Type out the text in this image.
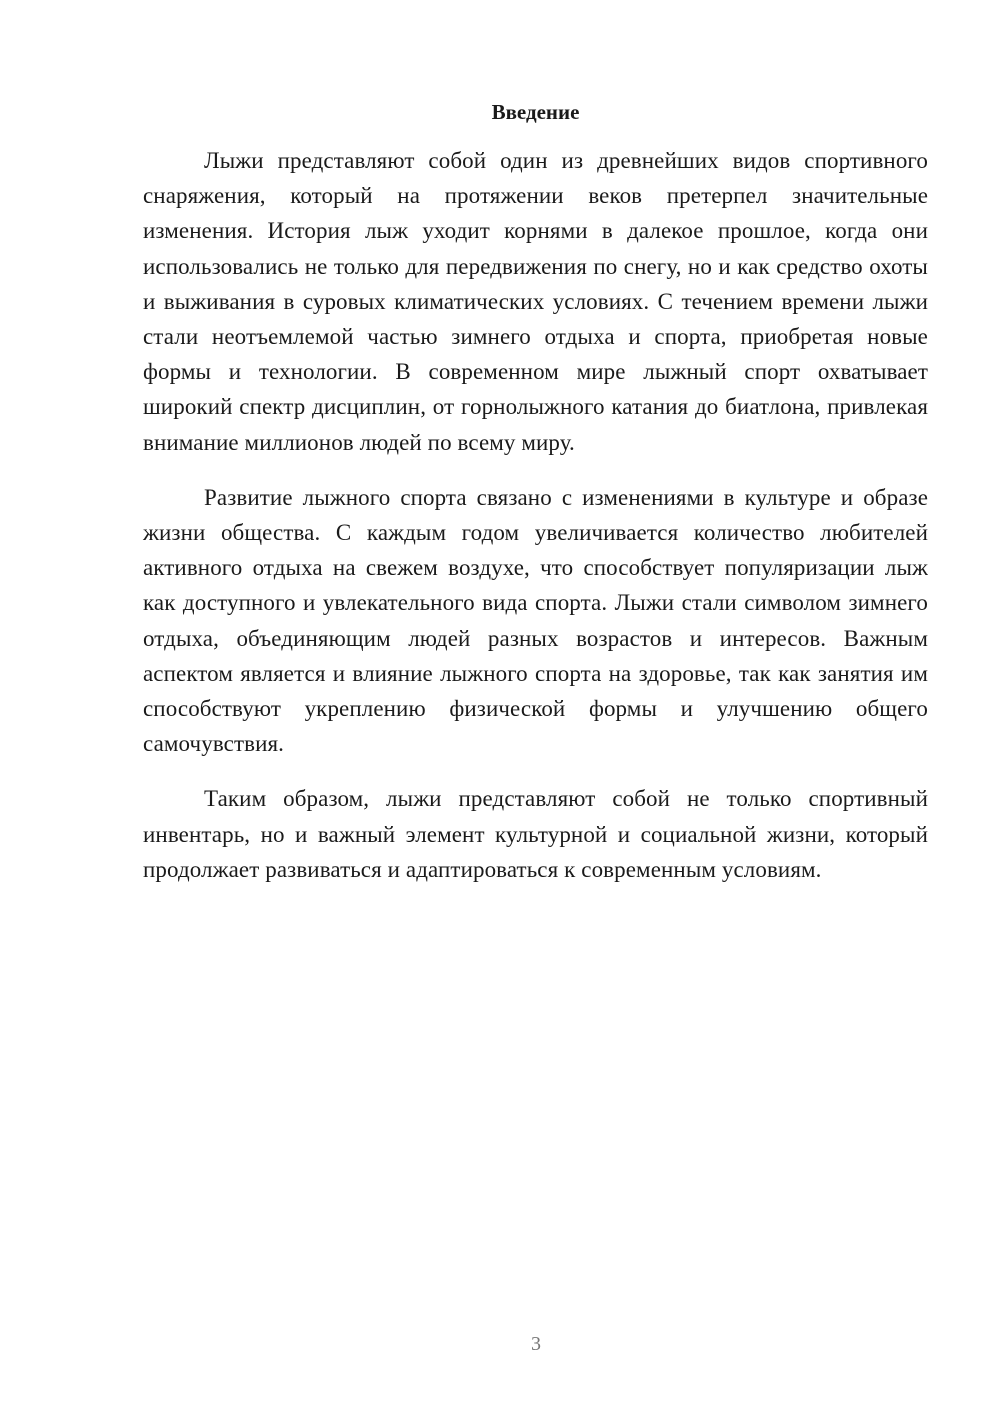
Введение

Лыжи представляют собой один из древнейших видов спортивного снаряжения, который на протяжении веков претерпел значительные изменения. История лыж уходит корнями в далекое прошлое, когда они использовались не только для передвижения по снегу, но и как средство охоты и выживания в суровых климатических условиях. С течением времени лыжи стали неотъемлемой частью зимнего отдыха и спорта, приобретая новые формы и технологии. В современном мире лыжный спорт охватывает широкий спектр дисциплин, от горнолыжного катания до биатлона, привлекая внимание миллионов людей по всему миру.

Развитие лыжного спорта связано с изменениями в культуре и образе жизни общества. С каждым годом увеличивается количество любителей активного отдыха на свежем воздухе, что способствует популяризации лыж как доступного и увлекательного вида спорта. Лыжи стали символом зимнего отдыха, объединяющим людей разных возрастов и интересов. Важным аспектом является и влияние лыжного спорта на здоровье, так как занятия им способствуют укреплению физической формы и улучшению общего самочувствия.

Таким образом, лыжи представляют собой не только спортивный инвентарь, но и важный элемент культурной и социальной жизни, который продолжает развиваться и адаптироваться к современным условиям.

3
